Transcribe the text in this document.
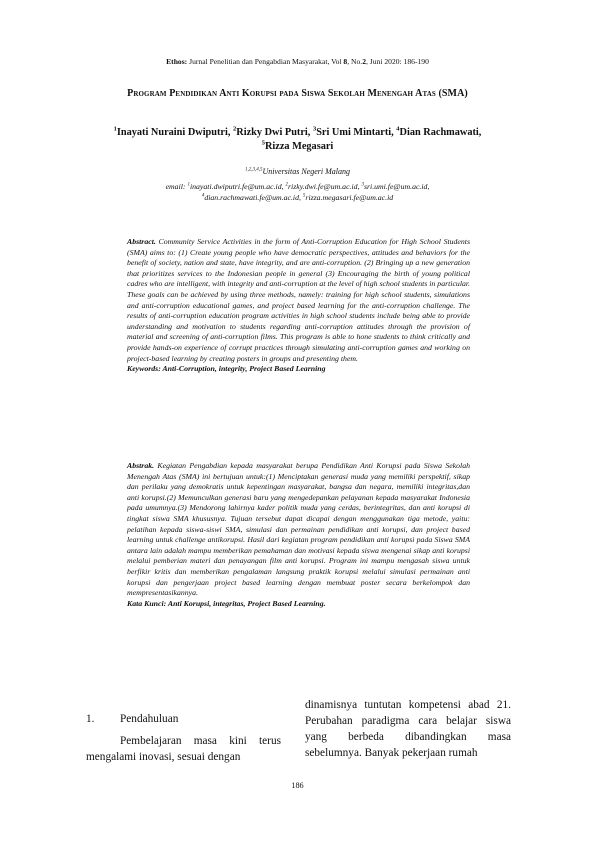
Ethos: Jurnal Penelitian dan Pengabdian Masyarakat, Vol 8, No.2, Juni 2020: 186-190
Program Pendidikan Anti Korupsi pada Siswa Sekolah Menengah Atas (SMA)
$^1$Inayati Nuraini Dwiputri, $^2$Rizky Dwi Putri, $^3$Sri Umi Mintarti, $^4$Dian Rachmawati, $^5$Rizza Megasari
$^{1,2,3,4,5}$Universitas Negeri Malang
email: $^1$inayati.dwiputri.fe@um.ac.id, $^2$rizky.dwi.fe@um.ac.id, $^3$sri.umi.fe@um.ac.id,
$^4$dian.rachmawati.fe@um.ac.id, $^5$rizza.megasari.fe@um.ac.id
Abstract. Community Service Activities in the form of Anti-Corruption Education for High School Students (SMA) aims to: (1) Create young people who have democratic perspectives, attitudes and behaviors for the benefit of society, nation and state, have integrity, and are anti-corruption. (2) Bringing up a new generation that prioritizes services to the Indonesian people in general (3) Encouraging the birth of young political cadres who are intelligent, with integrity and anti-corruption at the level of high school students in particular. These goals can be achieved by using three methods, namely: training for high school students, simulations and anti-corruption educational games, and project based learning for the anti-corruption challenge. The results of anti-corruption education program activities in high school students include being able to provide understanding and motivation to students regarding anti-corruption attitudes through the provision of material and screening of anti-corruption films. This program is able to hone students to think critically and provide hands-on experience of corrupt practices through simulating anti-corruption games and working on project-based learning by creating posters in groups and presenting them.
Keywords: Anti-Corruption, integrity, Project Based Learning
Abstrak. Kegiatan Pengabdian kepada masyarakat berupa Pendidikan Anti Korupsi pada Siswa Sekolah Menengah Atas (SMA) ini bertujuan untuk:(1) Menciptakan generasi muda yang memiliki perspektif, sikap dan perilaku yang demokratis untuk kepentingan masyarakat, bangsa dan negara, memiliki integritas,dan anti korupsi.(2) Memunculkan generasi baru yang mengedepankan pelayanan kepada masyarakat Indonesia pada umumnya.(3) Mendorong lahirnya kader politik muda yang cerdas, berintegritas, dan anti korupsi di tingkat siswa SMA khususnya. Tujuan tersebut dapat dicapai dengan menggunakan tiga metode, yaitu: pelatihan kepada siswa-siswi SMA, simulasi dan permainan pendidikan anti korupsi, dan project based learning untuk challenge antikorupsi. Hasil dari kegiatan program pendidikan anti korupsi pada Siswa SMA antara lain adalah mampu memberikan pemahaman dan motivasi kepada siswa mengenai sikap anti korupsi melalui pemberian materi dan penayangan film anti korupsi. Program ini mampu mengasah siswa untuk berfikir kritis dan memberikan pengalaman langsung praktik korupsi melalui simulasi permainan anti korupsi dan pengerjaan project based learning dengan membuat poster secara berkelompok dan mempresentasikannya.
Kata Kunci: Anti Korupsi, integritas, Project Based Learning.
1.	Pendahuluan

Pembelajaran masa kini terus mengalami inovasi, sesuai dengan

dinamisnya tuntutan kompetensi abad 21. Perubahan paradigma cara belajar siswa yang berbeda dibandingkan masa sebelumnya. Banyak pekerjaan rumah

186
